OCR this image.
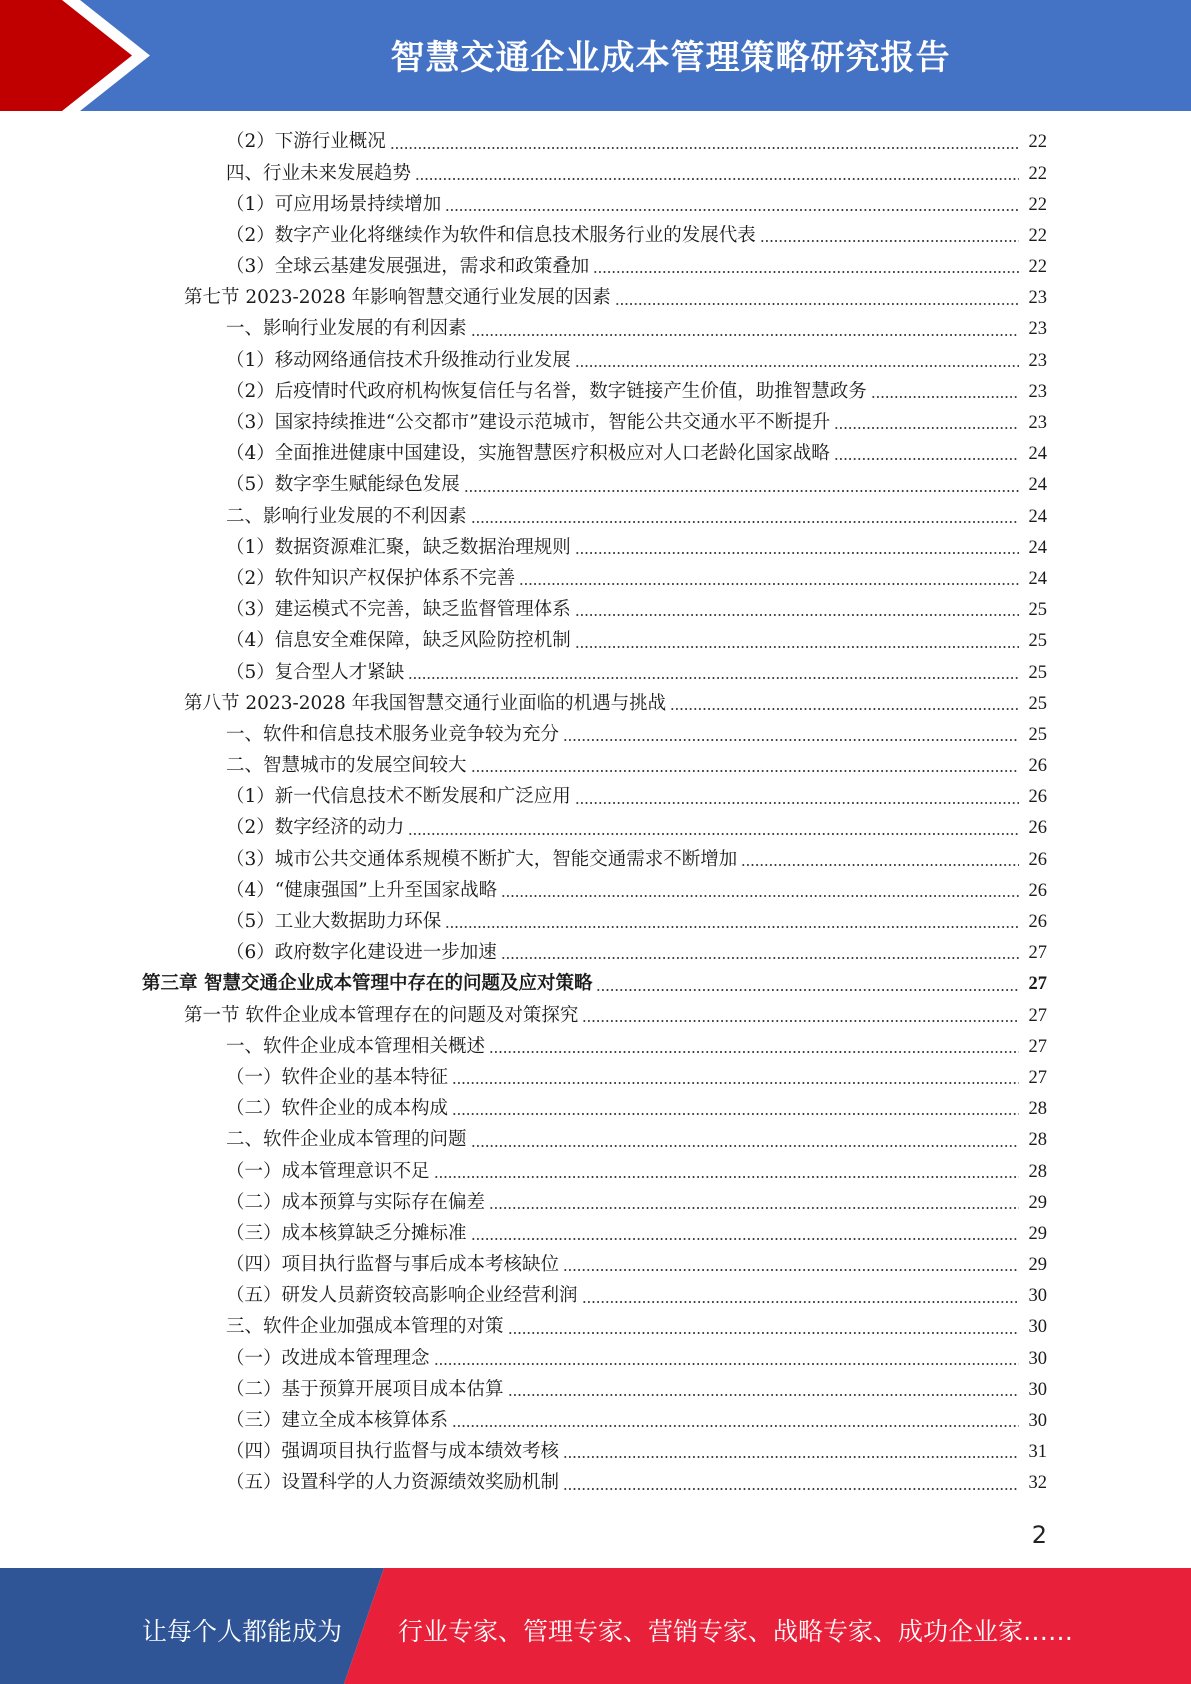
智慧交通企业成本管理策略研究报告
（2）下游行业概况	22
四、行业未来发展趋势	22
（1）可应用场景持续增加	22
（2）数字产业化将继续作为软件和信息技术服务行业的发展代表	22
（3）全球云基建发展强进，需求和政策叠加	22
第七节 2023-2028 年影响智慧交通行业发展的因素	23
一、影响行业发展的有利因素	23
（1）移动网络通信技术升级推动行业发展	23
（2）后疫情时代政府机构恢复信任与名誉，数字链接产生价值，助推智慧政务	23
（3）国家持续推进“公交都市”建设示范城市，智能公共交通水平不断提升	23
（4）全面推进健康中国建设，实施智慧医疗积极应对人口老龄化国家战略	24
（5）数字孪生赋能绿色发展	24
二、影响行业发展的不利因素	24
（1）数据资源难汇聚，缺乏数据治理规则	24
（2）软件知识产权保护体系不完善	24
（3）建运模式不完善，缺乏监督管理体系	25
（4）信息安全难保障，缺乏风险防控机制	25
（5）复合型人才紧缺	25
第八节 2023-2028 年我国智慧交通行业面临的机遇与挑战	25
一、软件和信息技术服务业竞争较为充分	25
二、智慧城市的发展空间较大	26
（1）新一代信息技术不断发展和广泛应用	26
（2）数字经济的动力	26
（3）城市公共交通体系规模不断扩大，智能交通需求不断增加	26
（4）“健康强国”上升至国家战略	26
（5）工业大数据助力环保	26
（6）政府数字化建设进一步加速	27
第三章 智慧交通企业成本管理中存在的问题及应对策略	27
第一节 软件企业成本管理存在的问题及对策探究	27
一、软件企业成本管理相关概述	27
（一）软件企业的基本特征	27
（二）软件企业的成本构成	28
二、软件企业成本管理的问题	28
（一）成本管理意识不足	28
（二）成本预算与实际存在偏差	29
（三）成本核算缺乏分摊标准	29
（四）项目执行监督与事后成本考核缺位	29
（五）研发人员薪资较高影响企业经营利润	30
三、软件企业加强成本管理的对策	30
（一）改进成本管理理念	30
（二）基于预算开展项目成本估算	30
（三）建立全成本核算体系	30
（四）强调项目执行监督与成本绩效考核	31
（五）设置科学的人力资源绩效奖励机制	32
2
让每个人都能成为 行业专家、管理专家、营销专家、战略专家、成功企业家……
